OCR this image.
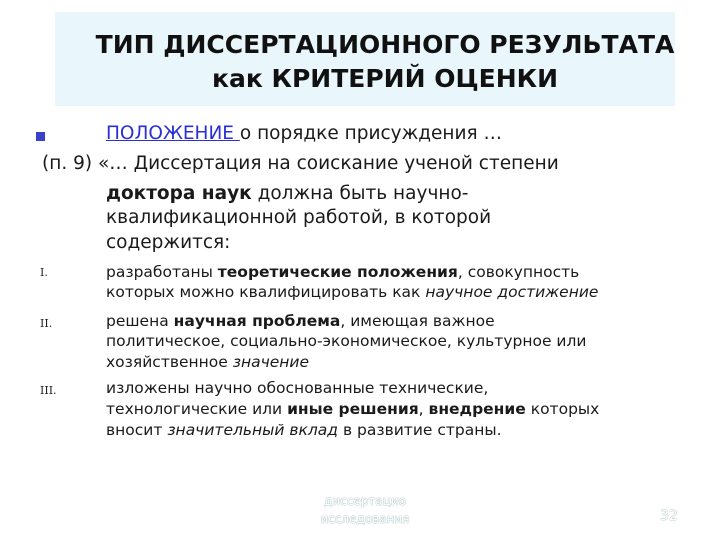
ТИП ДИССЕРТАЦИОННОГО РЕЗУЛЬТАТА
как КРИТЕРИЙ ОЦЕНКИ
ПОЛОЖЕНИЕ о порядке присуждения …
(п. 9) «… Диссертация на соискание ученой степени
доктора наук должна быть научно-
квалификационной работой, в которой
содержится:
I.	разработаны теоретические положения, совокупность
которых можно квалифицировать как научное достижение
II.	решена научная проблема, имеющая важное
политическое, социально-экономическое, культурное или
хозяйственное значение
III.	изложены научно обоснованные технические,
технологические или иные решения, внедрение которых
вносит значительный вклад в развитие страны.
диссертацио
исследования	32
